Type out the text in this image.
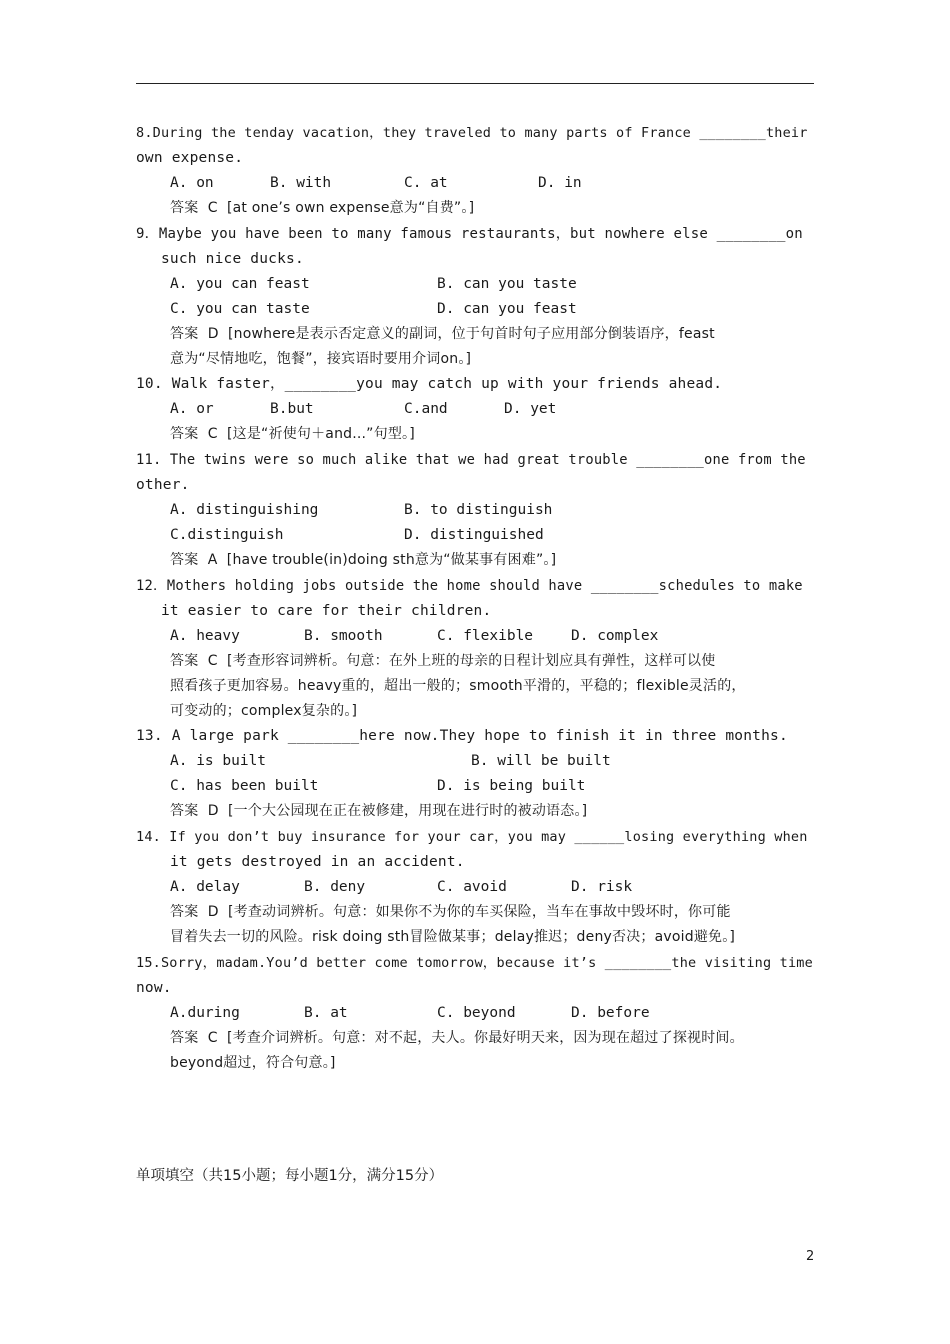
8.During the tenday vacation，they traveled to many parts of France ________their
own expense.
A. on	B. with	C. at	D. in
答案  C  [at one’s own expense意为“自费”。]
9．Maybe you have been to many famous restaurants，but nowhere else ________on
such nice ducks.
A. you can feast	B. can you taste
C. you can taste	D. can you feast
答案  D  [nowhere是表示否定意义的副词，位于句首时句子应用部分倒装语序，feast
意为“尽情地吃，饱餐”，接宾语时要用介词on。]
10. Walk faster，________you may catch up with your friends ahead.
A. or	B.but	C.and	D. yet
答案  C  [这是“祈使句＋and...”句型。]
11. The twins were so much alike that we had great trouble ________one from the
other.
A. distinguishing	B. to distinguish
C.distinguish	D. distinguished
答案  A  [have trouble(in)doing sth意为“做某事有困难”。]
12．Mothers holding jobs outside the home should have ________schedules to make
it easier to care for their children.
A. heavy	B. smooth	C. flexible	D. complex
答案  C  [考查形容词辨析。句意：在外上班的母亲的日程计划应具有弹性，这样可以使
照看孩子更加容易。heavy重的，超出一般的；smooth平滑的，平稳的；flexible灵活的，
可变动的；complex复杂的。]
13. A large park ________here now.They hope to finish it in three months.
A. is built	B. will be built
C. has been built	D. is being built
答案  D  [一个大公园现在正在被修建，用现在进行时的被动语态。]
14. If you don’t buy insurance for your car，you may ______losing everything when
it gets destroyed in an accident.
A. delay	B. deny	C. avoid	D. risk
答案  D  [考查动词辨析。句意：如果你不为你的车买保险，当车在事故中毁坏时，你可能
冒着失去一切的风险。risk doing sth冒险做某事；delay推迟；deny否决；avoid避免。]
15.Sorry，madam.You’d better come tomorrow，because it’s ________the visiting time
now.
A.during	B. at	C. beyond	D. before
答案  C  [考查介词辨析。句意：对不起，夫人。你最好明天来，因为现在超过了探视时间。
beyond超过，符合句意。]
单项填空（共15小题；每小题1分，满分15分）
2
